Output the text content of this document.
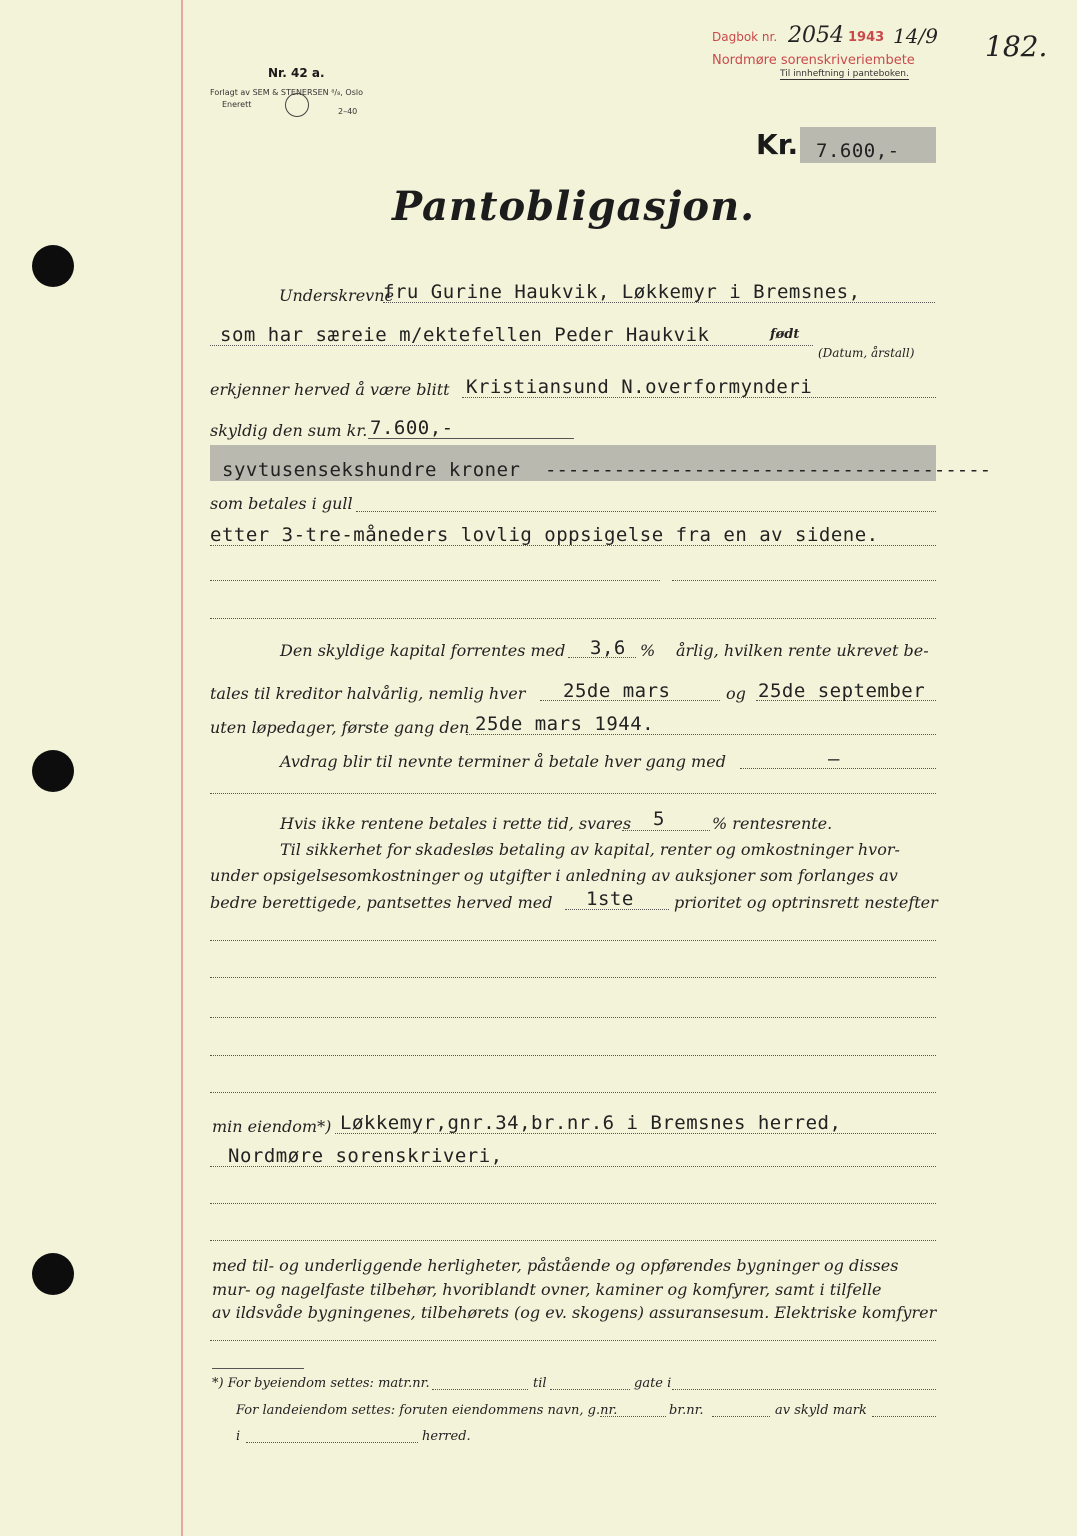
Nr. 42 a.
Forlagt av SEM & STENERSEN ⁸/₈, Oslo
Enerett
2–40
Dagbok nr. 2054 1943 14/9
Nordmøre sorenskriveriembete
Til innheftning i panteboken.
182.
Kr. 7.600,-
Pantobligasjon.
Underskrevne
fru Gurine Haukvik, Løkkemyr i Bremsnes,
som har særeie m/ektefellen Peder Haukvik	født
(Datum, årstall)
erkjenner herved å være blitt Kristiansund N.overformynderi
skyldig den sum kr. 7.600,-
syvtusensekshundre kroner ---------------------------------------
som betales i gull
etter 3-tre-måneders lovlig oppsigelse fra en av sidene.
Den skyldige kapital forrentes med 3,6 % årlig, hvilken rente ukrevet be-
tales til kreditor halvårlig, nemlig hver 25de mars	og 25de september
uten løpedager, første gang den 25de mars 1944.
Avdrag blir til nevnte terminer å betale hver gang med	—
Hvis ikke rentene betales i rette tid, svares 5	% rentesrente.
Til sikkerhet for skadesløs betaling av kapital, renter og omkostninger hvor-
under opsigelsesomkostninger og utgifter i anledning av auksjoner som forlanges av
bedre berettigede, pantsettes herved med 1ste	prioritet og optrinsrett nestefter
min eiendom*) Løkkemyr,gnr.34,br.nr.6 i Bremsnes herred,
Nordmøre sorenskriveri,
med til- og underliggende herligheter, påstående og opførendes bygninger og disses
mur- og nagelfaste tilbehør, hvoriblandt ovner, kaminer og komfyrer, samt i tilfelle
av ildsvåde bygningenes, tilbehørets (og ev. skogens) assuransesum. Elektriske komfyrer
*) For byeiendom settes: matr.nr.	til	gate i
For landeiendom settes: foruten eiendommens navn, g.nr.	br.nr.	av skyld mark
i	herred.
